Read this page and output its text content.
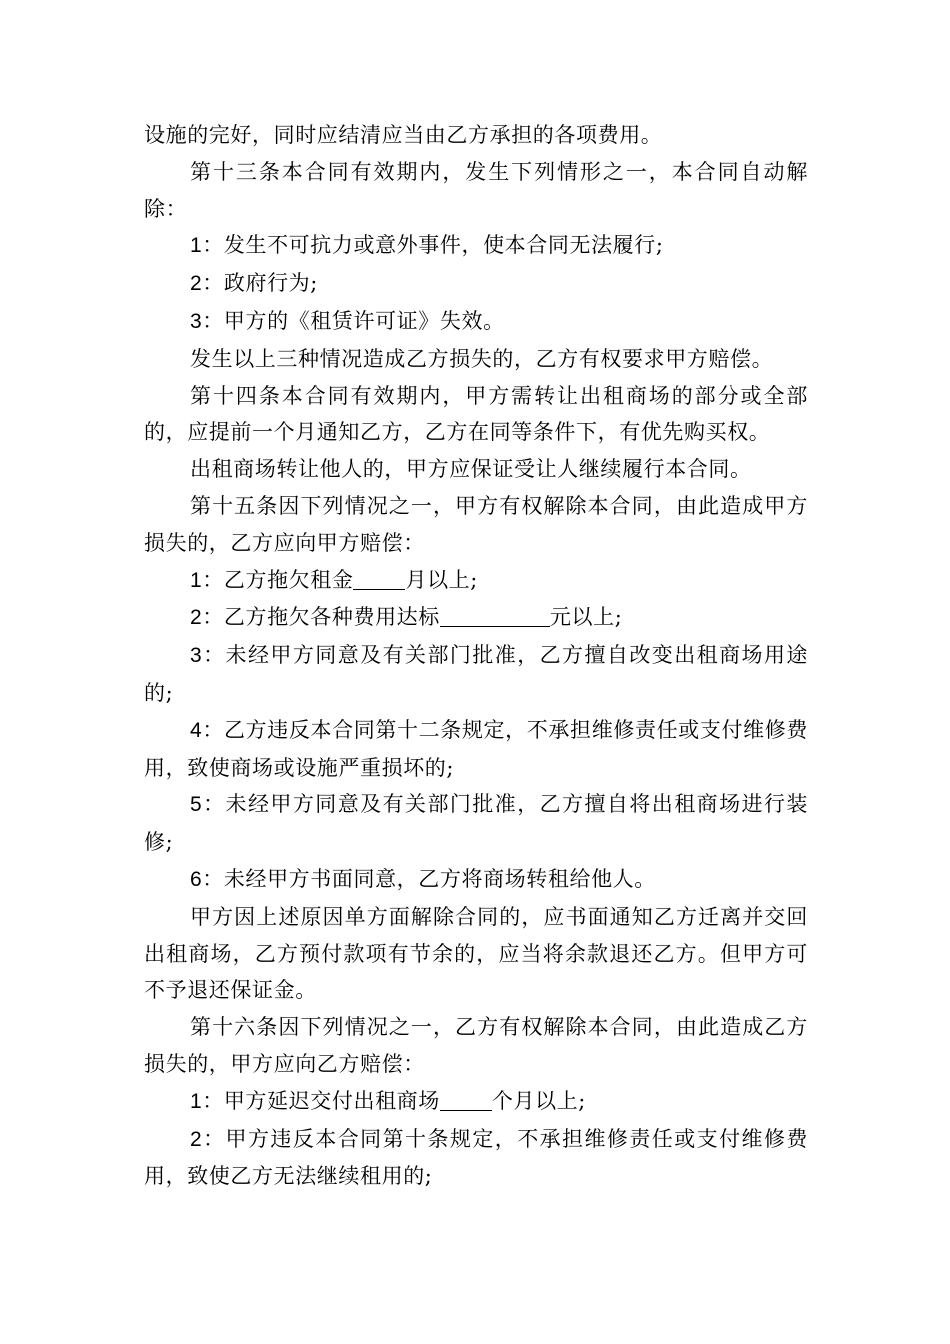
设施的完好，同时应结清应当由乙方承担的各项费用。

第十三条本合同有效期内，发生下列情形之一，本合同自动解除：

1：发生不可抗力或意外事件，使本合同无法履行;

2：政府行为;

3：甲方的《租赁许可证》失效。

发生以上三种情况造成乙方损失的，乙方有权要求甲方赔偿。

第十四条本合同有效期内，甲方需转让出租商场的部分或全部的，应提前一个月通知乙方，乙方在同等条件下，有优先购买权。

出租商场转让他人的，甲方应保证受让人继续履行本合同。

第十五条因下列情况之一，甲方有权解除本合同，由此造成甲方损失的，乙方应向甲方赔偿：

1：乙方拖欠租金 月以上;

2：乙方拖欠各种费用达标	元以上;

3：未经甲方同意及有关部门批准，乙方擅自改变出租商场用途的;

4：乙方违反本合同第十二条规定，不承担维修责任或支付维修费用，致使商场或设施严重损坏的;

5：未经甲方同意及有关部门批准，乙方擅自将出租商场进行装修;

6：未经甲方书面同意，乙方将商场转租给他人。

甲方因上述原因单方面解除合同的，应书面通知乙方迁离并交回出租商场，乙方预付款项有节余的，应当将余款退还乙方。但甲方可不予退还保证金。

第十六条因下列情况之一，乙方有权解除本合同，由此造成乙方损失的，甲方应向乙方赔偿：

1：甲方延迟交付出租商场 个月以上;

2：甲方违反本合同第十条规定，不承担维修责任或支付维修费用，致使乙方无法继续租用的;
